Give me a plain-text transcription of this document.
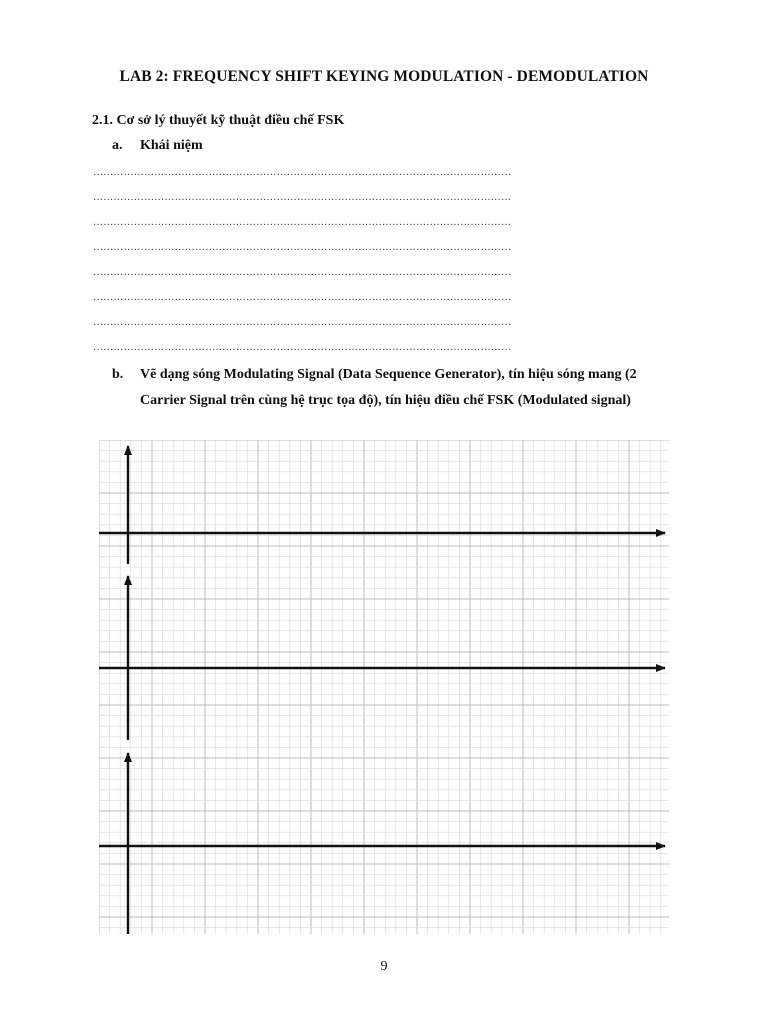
LAB 2: FREQUENCY SHIFT KEYING MODULATION - DEMODULATION
2.1. Cơ sở lý thuyết kỹ thuật điều chế FSK
a. Khái niệm
……………………………………………………………………………………………………………
……………………………………………………………………………………………………………
……………………………………………………………………………………………………………
……………………………………………………………………………………………………………
……………………………………………………………………………………………………………
……………………………………………………………………………………………………………
……………………………………………………………………………………………………………
……………………………………………………………………………………………………………
b. Vẽ dạng sóng Modulating Signal (Data Sequence Generator), tín hiệu sóng mang (2 Carrier Signal trên cùng hệ trục tọa độ), tín hiệu điều chế FSK (Modulated signal)
9
